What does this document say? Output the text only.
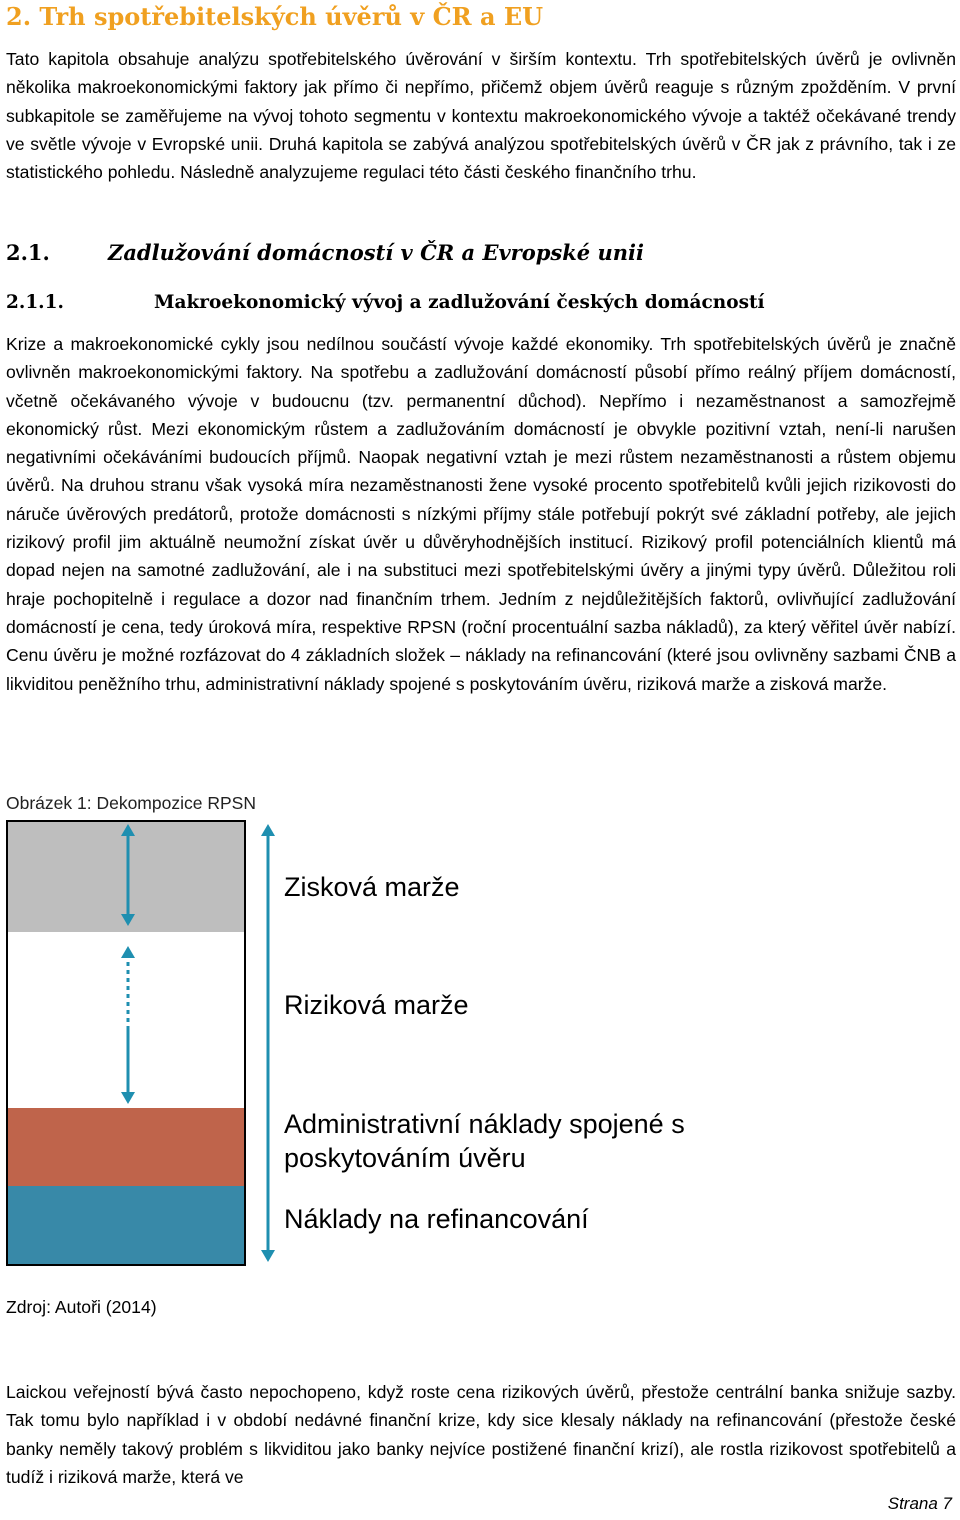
2. Trh spotřebitelských úvěrů v ČR a EU
Tato kapitola obsahuje analýzu spotřebitelského úvěrování v širším kontextu. Trh spotřebitelských úvěrů je ovlivněn několika makroekonomickými faktory jak přímo či nepřímo, přičemž objem úvěrů reaguje s různým zpožděním. V první subkapitole se zaměřujeme na vývoj tohoto segmentu v kontextu makroekonomického vývoje a taktéž očekávané trendy ve světle vývoje v Evropské unii. Druhá kapitola se zabývá analýzou spotřebitelských úvěrů v ČR jak z právního, tak i ze statistického pohledu. Následně analyzujeme regulaci této části českého finančního trhu.
2.1.	Zadlužování domácností v ČR a Evropské unii
2.1.1.	Makroekonomický vývoj a zadlužování českých domácností
Krize a makroekonomické cykly jsou nedílnou součástí vývoje každé ekonomiky. Trh spotřebitelských úvěrů je značně ovlivněn makroekonomickými faktory. Na spotřebu a zadlužování domácností působí přímo reálný příjem domácností, včetně očekávaného vývoje v budoucnu (tzv. permanentní důchod). Nepřímo i nezaměstnanost a samozřejmě ekonomický růst. Mezi ekonomickým růstem a zadlužováním domácností je obvykle pozitivní vztah, není-li narušen negativními očekáváními budoucích příjmů. Naopak negativní vztah je mezi růstem nezaměstnanosti a růstem objemu úvěrů. Na druhou stranu však vysoká míra nezaměstnanosti žene vysoké procento spotřebitelů kvůli jejich rizikovosti do náruče úvěrových predátorů, protože domácnosti s nízkými příjmy stále potřebují pokrýt své základní potřeby, ale jejich rizikový profil jim aktuálně neumožní získat úvěr u důvěryhodnějších institucí. Rizikový profil potenciálních klientů má dopad nejen na samotné zadlužování, ale i na substituci mezi spotřebitelskými úvěry a jinými typy úvěrů. Důležitou roli hraje pochopitelně i regulace a dozor nad finančním trhem. Jedním z nejdůležitějších faktorů, ovlivňující zadlužování domácností je cena, tedy úroková míra, respektive RPSN (roční procentuální sazba nákladů), za který věřitel úvěr nabízí. Cenu úvěru je možné rozfázovat do 4 základních složek – náklady na refinancování (které jsou ovlivněny sazbami ČNB a likviditou peněžního trhu, administrativní náklady spojené s poskytováním úvěru, riziková marže a zisková marže.
Obrázek 1: Dekompozice RPSN
Zisková marže
Riziková marže
Administrativní náklady spojené s poskytováním úvěru
Náklady na refinancování
Zdroj: Autoři (2014)
Laickou veřejností bývá často nepochopeno, když roste cena rizikových úvěrů, přestože centrální banka snižuje sazby. Tak tomu bylo například i v období nedávné finanční krize, kdy sice klesaly náklady na refinancování (přestože české banky neměly takový problém s likviditou jako banky nejvíce postižené finanční krizí), ale rostla rizikovost spotřebitelů a tudíž i riziková marže, která ve
Strana 7
